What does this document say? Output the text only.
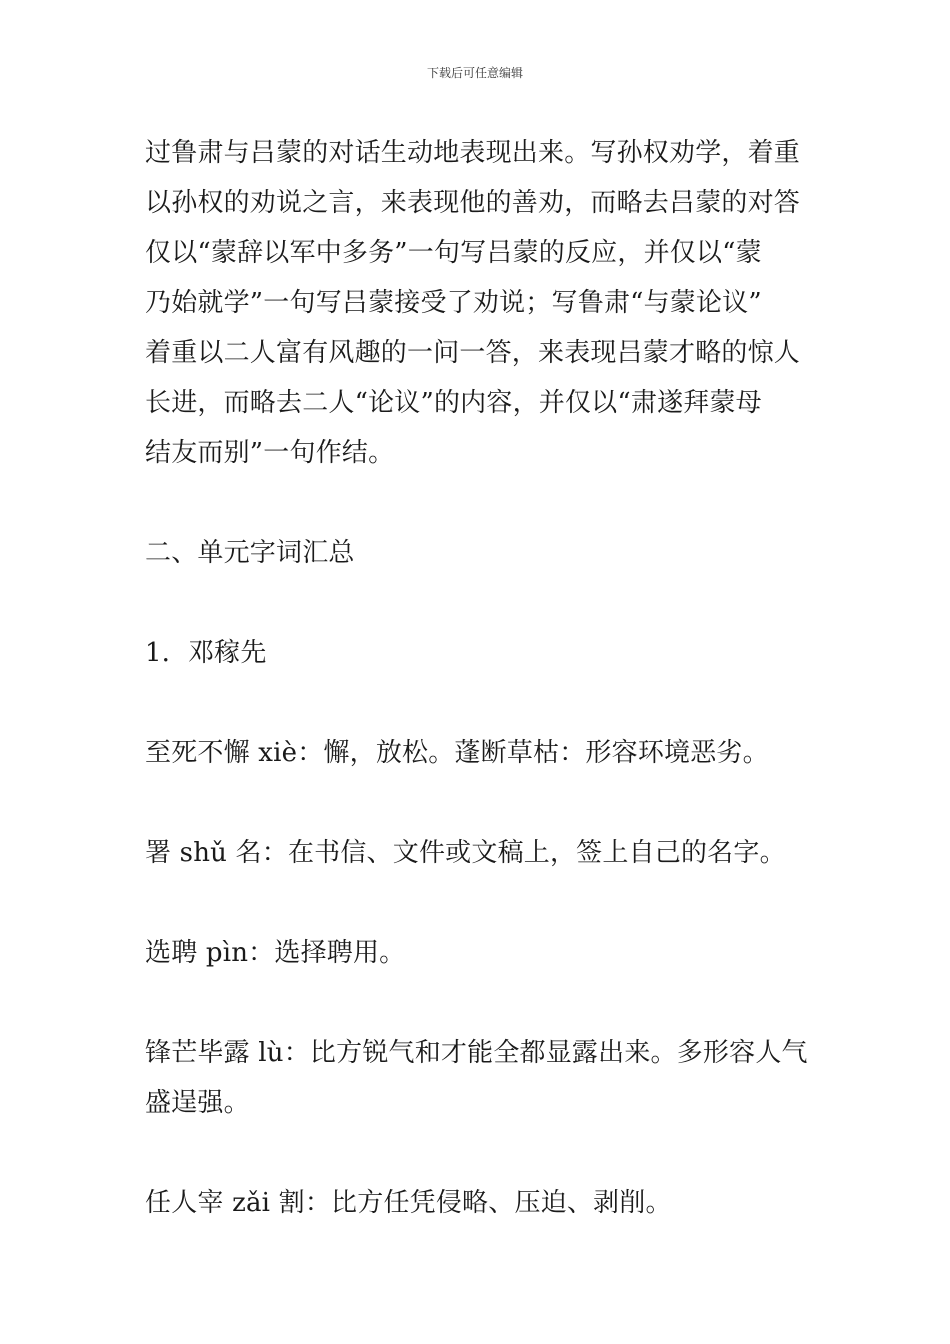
下载后可任意编辑

过鲁肃与吕蒙的对话生动地表现出来。写孙权劝学，着重
以孙权的劝说之言，来表现他的善劝，而略去吕蒙的对答
仅以“蒙辞以军中多务”一句写吕蒙的反应，并仅以“蒙
乃始就学”一句写吕蒙接受了劝说；写鲁肃“与蒙论议”
着重以二人富有风趣的一问一答，来表现吕蒙才略的惊人
长进，而略去二人“论议”的内容，并仅以“肃遂拜蒙母
结友而别”一句作结。

二、单元字词汇总

1．邓稼先

至死不懈 xiè：懈，放松。蓬断草枯：形容环境恶劣。

署 shǔ 名：在书信、文件或文稿上，签上自己的名字。

选聘 pìn：选择聘用。

锋芒毕露 lù：比方锐气和才能全都显露出来。多形容人气
盛逞强。

任人宰 zǎi 割：比方任凭侵略、压迫、剥削。
